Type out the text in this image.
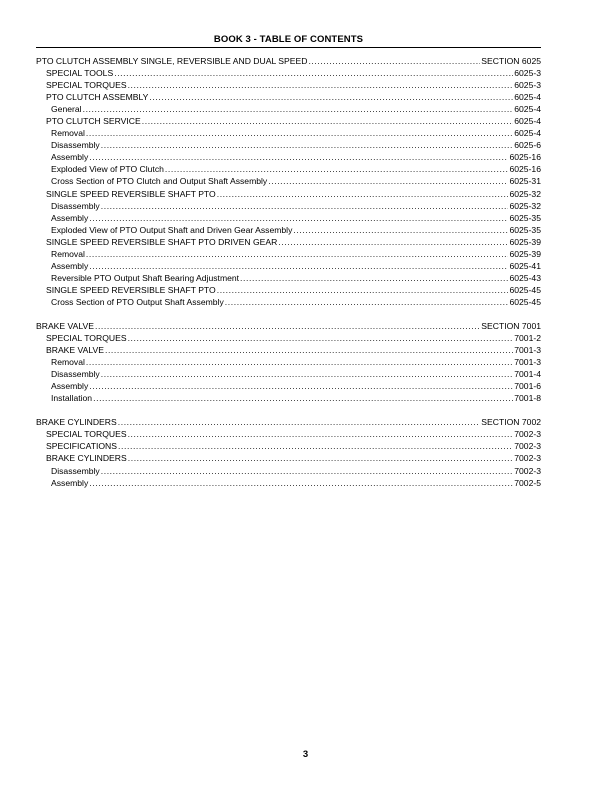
BOOK 3 - TABLE OF CONTENTS
PTO CLUTCH ASSEMBLY SINGLE, REVERSIBLE AND DUAL SPEED .....	SECTION 6025
SPECIAL TOOLS .....	6025-3
SPECIAL TORQUES .....	6025-3
PTO CLUTCH ASSEMBLY .....	6025-4
General .....	6025-4
PTO CLUTCH SERVICE .....	6025-4
Removal .....	6025-4
Disassembly .....	6025-6
Assembly .....	6025-16
Exploded View of PTO Clutch .....	6025-16
Cross Section of PTO Clutch and Output Shaft Assembly .....	6025-31
SINGLE SPEED REVERSIBLE SHAFT PTO .....	6025-32
Disassembly .....	6025-32
Assembly .....	6025-35
Exploded View of PTO Output Shaft and Driven Gear Assembly .....	6025-35
SINGLE SPEED REVERSIBLE SHAFT PTO DRIVEN GEAR .....	6025-39
Removal .....	6025-39
Assembly .....	6025-41
Reversible PTO Output Shaft Bearing Adjustment .....	6025-43
SINGLE SPEED REVERSIBLE SHAFT PTO .....	6025-45
Cross Section of PTO Output Shaft Assembly .....	6025-45
BRAKE VALVE .....	SECTION 7001
SPECIAL TORQUES .....	7001-2
BRAKE VALVE .....	7001-3
Removal .....	7001-3
Disassembly .....	7001-4
Assembly .....	7001-6
Installation .....	7001-8
BRAKE CYLINDERS .....	SECTION 7002
SPECIAL TORQUES .....	7002-3
SPECIFICATIONS .....	7002-3
BRAKE CYLINDERS .....	7002-3
Disassembly .....	7002-3
Assembly .....	7002-5
3
